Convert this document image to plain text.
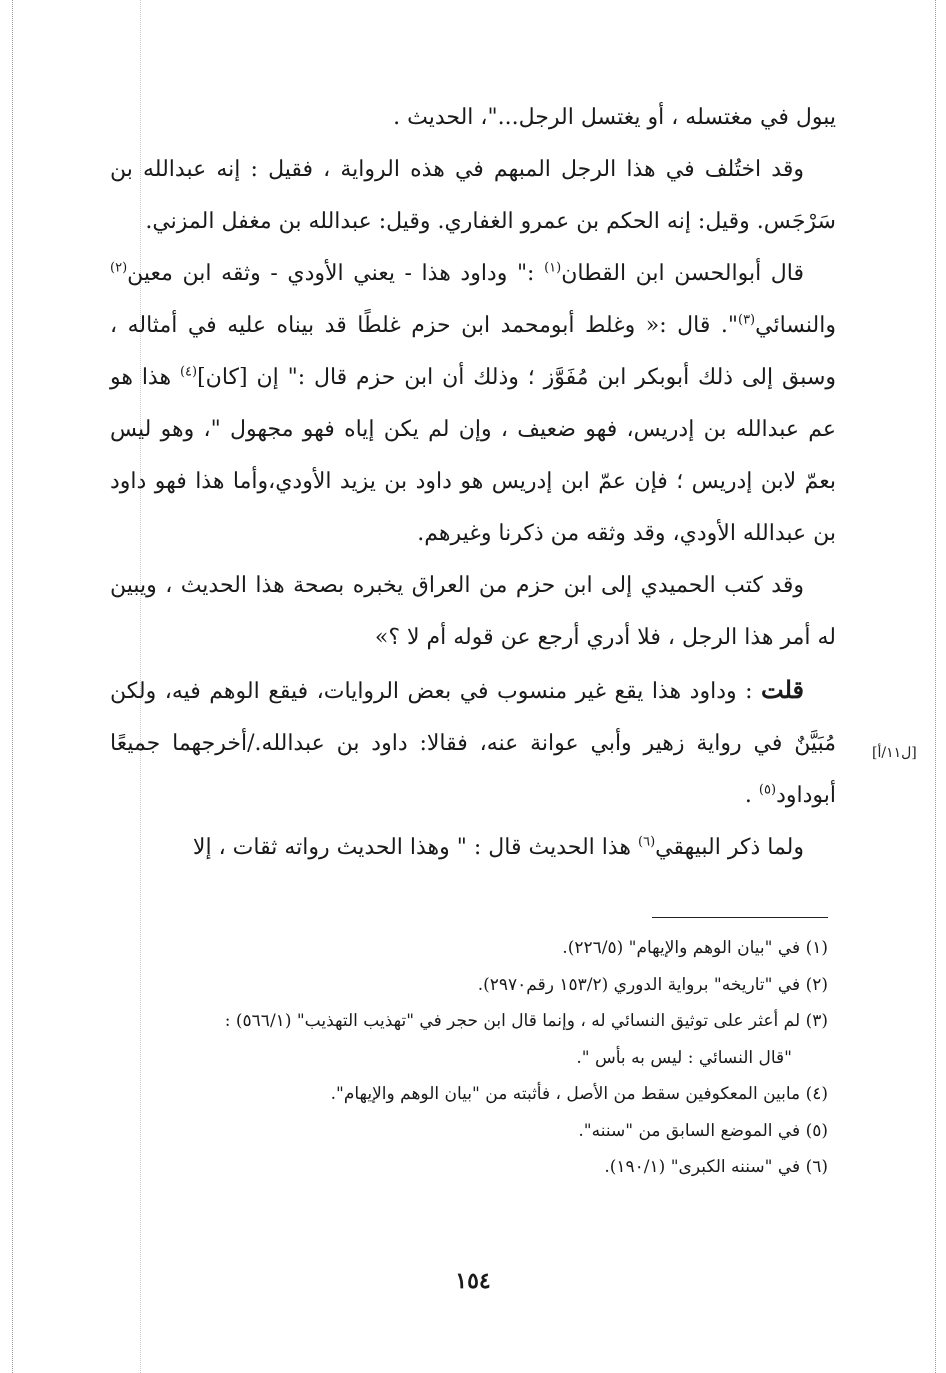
يبول في مغتسله ، أو يغتسل الرجل..."، الحديث .

وقد اختُلف في هذا الرجل المبهم في هذه الرواية ، فقيل : إنه عبدالله بن سَرْجَس. وقيل: إنه الحكم بن عمرو الغفاري. وقيل: عبدالله بن مغفل المزني.

قال أبوالحسن ابن القطان$^{(١)}$ :" وداود هذا - يعني الأودي - وثقه ابن معين$^{(٢)}$ والنسائي$^{(٣)}$". قال :« وغلط أبومحمد ابن حزم غلطًا قد بيناه عليه في أمثاله ، وسبق إلى ذلك أبوبكر ابن مُفَوَّز ؛ وذلك أن ابن حزم قال :" إن [كان]$^{(٤)}$ هذا هو عم عبدالله بن إدريس، فهو ضعيف ، وإن لم يكن إياه فهو مجهول "، وهو ليس بعمّ لابن إدريس ؛ فإن عمّ ابن إدريس هو داود بن يزيد الأودي،وأما هذا فهو داود بن عبدالله الأودي، وقد وثقه من ذكرنا وغيرهم.

وقد كتب الحميدي إلى ابن حزم من العراق يخبره بصحة هذا الحديث ، ويبين له أمر هذا الرجل ، فلا أدري أرجع عن قوله أم لا ؟»

قلت : وداود هذا يقع غير منسوب في بعض الروايات، فيقع الوهم فيه، ولكن مُبَيَّنٌ في رواية زهير وأبي عوانة عنه، فقالا: داود بن عبدالله./أخرجهما جميعًا أبوداود$^{(٥)}$ .

ولما ذكر البيهقي$^{(٦)}$ هذا الحديث قال : " وهذا الحديث رواته ثقات ، إلا

[ل١١/أ]

(١) في "بيان الوهم والإيهام" (٢٢٦/٥).

(٢) في "تاريخه" برواية الدوري (١٥٣/٢ رقم٢٩٧٠).

(٣) لم أعثر على توثيق النسائي له ، وإنما قال ابن حجر في "تهذيب التهذيب" (٥٦٦/١) :

"قال النسائي : ليس به بأس ".

(٤) مابين المعكوفين سقط من الأصل ، فأثبته من "بيان الوهم والإيهام".

(٥) في الموضع السابق من "سننه".

(٦) في "سننه الكبرى" (١٩٠/١).

١٥٤
